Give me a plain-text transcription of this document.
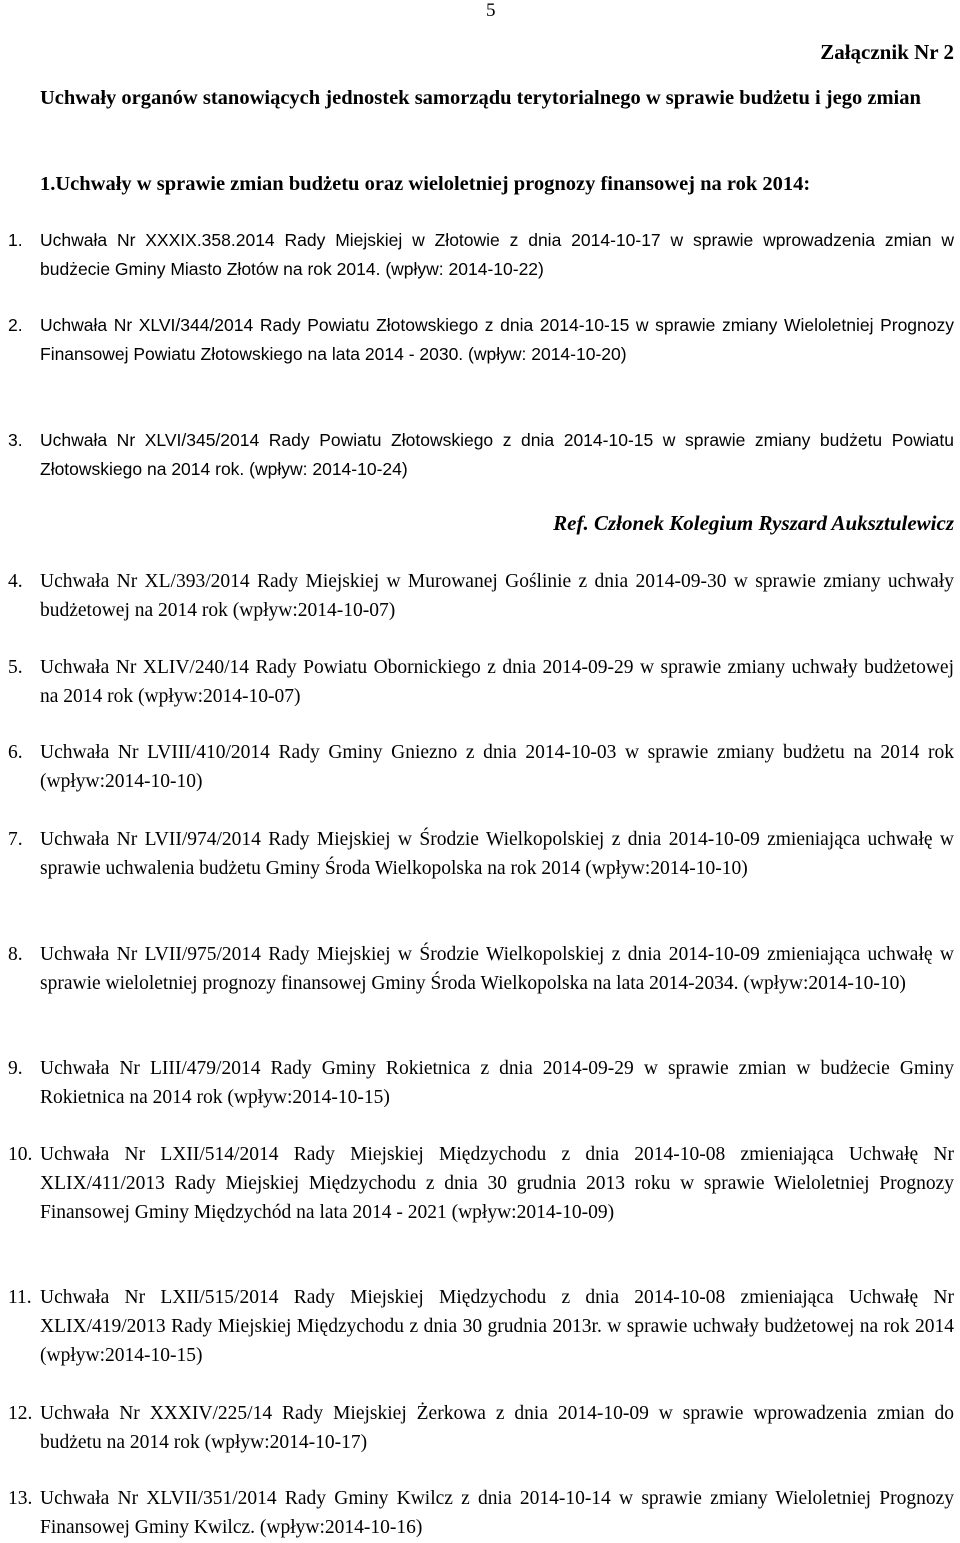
5
Załącznik Nr 2
Uchwały organów stanowiących jednostek samorządu terytorialnego w sprawie budżetu i jego zmian
1.Uchwały w sprawie zmian budżetu oraz wieloletniej prognozy finansowej na rok 2014:
1. Uchwała Nr XXXIX.358.2014 Rady Miejskiej w Złotowie z dnia 2014-10-17 w sprawie wprowadzenia zmian w budżecie Gminy Miasto Złotów na rok 2014. (wpływ: 2014-10-22)
2. Uchwała Nr XLVI/344/2014 Rady Powiatu Złotowskiego z dnia 2014-10-15 w sprawie zmiany Wieloletniej Prognozy Finansowej Powiatu Złotowskiego na lata 2014 - 2030. (wpływ: 2014-10-20)
3. Uchwała Nr XLVI/345/2014 Rady Powiatu Złotowskiego z dnia 2014-10-15 w sprawie zmiany budżetu Powiatu Złotowskiego na 2014 rok. (wpływ: 2014-10-24)
Ref. Członek Kolegium Ryszard Auksztulewicz
4. Uchwała Nr XL/393/2014 Rady Miejskiej w Murowanej Goślinie z dnia 2014-09-30 w sprawie zmiany uchwały budżetowej na 2014 rok (wpływ:2014-10-07)
5. Uchwała Nr XLIV/240/14 Rady Powiatu Obornickiego z dnia 2014-09-29 w sprawie zmiany uchwały budżetowej na 2014 rok (wpływ:2014-10-07)
6. Uchwała Nr LVIII/410/2014 Rady Gminy Gniezno z dnia 2014-10-03 w sprawie zmiany budżetu na 2014 rok (wpływ:2014-10-10)
7. Uchwała Nr LVII/974/2014 Rady Miejskiej w Środzie Wielkopolskiej z dnia 2014-10-09 zmieniająca uchwałę w sprawie uchwalenia budżetu Gminy Środa Wielkopolska na rok 2014 (wpływ:2014-10-10)
8. Uchwała Nr LVII/975/2014 Rady Miejskiej w Środzie Wielkopolskiej z dnia 2014-10-09 zmieniająca uchwałę w sprawie wieloletniej prognozy finansowej Gminy Środa Wielkopolska na lata 2014-2034. (wpływ:2014-10-10)
9. Uchwała Nr LIII/479/2014 Rady Gminy Rokietnica z dnia 2014-09-29 w sprawie zmian w budżecie Gminy Rokietnica na 2014 rok (wpływ:2014-10-15)
10. Uchwała Nr LXII/514/2014 Rady Miejskiej Międzychodu z dnia 2014-10-08 zmieniająca Uchwałę Nr XLIX/411/2013 Rady Miejskiej Międzychodu z dnia 30 grudnia 2013 roku w sprawie Wieloletniej Prognozy Finansowej Gminy Międzychód na lata 2014 - 2021 (wpływ:2014-10-09)
11. Uchwała Nr LXII/515/2014 Rady Miejskiej Międzychodu z dnia 2014-10-08 zmieniająca Uchwałę Nr XLIX/419/2013 Rady Miejskiej Międzychodu z dnia 30 grudnia 2013r. w sprawie uchwały budżetowej na rok 2014 (wpływ:2014-10-15)
12. Uchwała Nr XXXIV/225/14 Rady Miejskiej Żerkowa z dnia 2014-10-09 w sprawie wprowadzenia zmian do budżetu na 2014 rok (wpływ:2014-10-17)
13. Uchwała Nr XLVII/351/2014 Rady Gminy Kwilcz z dnia 2014-10-14 w sprawie zmiany Wieloletniej Prognozy Finansowej Gminy Kwilcz. (wpływ:2014-10-16)
